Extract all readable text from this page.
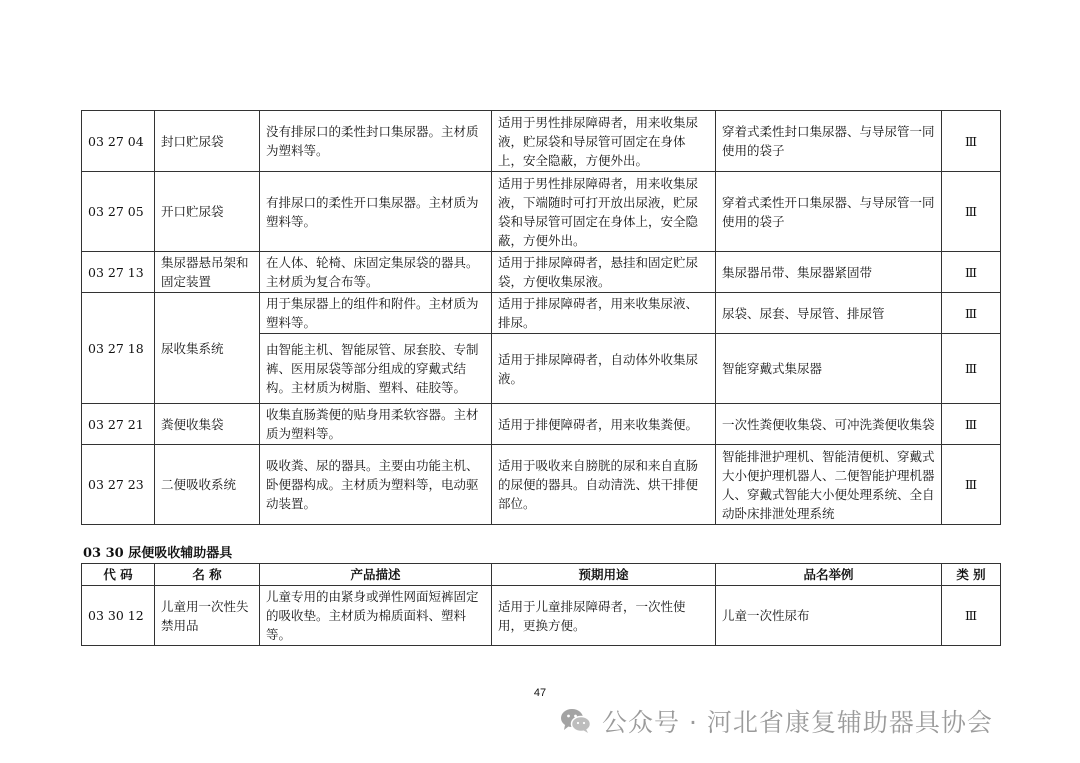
03 27 04	封口贮尿袋	没有排尿口的柔性封口集尿器。主材质为塑料等。	适用于男性排尿障碍者，用来收集尿液，贮尿袋和导尿管可固定在身体上，安全隐蔽，方便外出。	穿着式柔性封口集尿器、与导尿管一同使用的袋子	Ⅲ
03 27 05	开口贮尿袋	有排尿口的柔性开口集尿器。主材质为塑料等。	适用于男性排尿障碍者，用来收集尿液，下端随时可打开放出尿液，贮尿袋和导尿管可固定在身体上，安全隐蔽，方便外出。	穿着式柔性开口集尿器、与导尿管一同使用的袋子	Ⅲ
03 27 13	集尿器悬吊架和固定装置	在人体、轮椅、床固定集尿袋的器具。主材质为复合布等。	适用于排尿障碍者，悬挂和固定贮尿袋，方便收集尿液。	集尿器吊带、集尿器紧固带	Ⅲ
03 27 18	尿收集系统	用于集尿器上的组件和附件。主材质为塑料等。	适用于排尿障碍者，用来收集尿液、排尿。	尿袋、尿套、导尿管、排尿管	Ⅲ
		由智能主机、智能尿管、尿套胶、专制裤、医用尿袋等部分组成的穿戴式结构。主材质为树脂、塑料、硅胶等。	适用于排尿障碍者，自动体外收集尿液。	智能穿戴式集尿器	Ⅲ
03 27 21	粪便收集袋	收集直肠粪便的贴身用柔软容器。主材质为塑料等。	适用于排便障碍者，用来收集粪便。	一次性粪便收集袋、可冲洗粪便收集袋	Ⅲ
03 27 23	二便吸收系统	吸收粪、尿的器具。主要由功能主机、卧便器构成。主材质为塑料等，电动驱动装置。	适用于吸收来自膀胱的尿和来自直肠的尿便的器具。自动清洗、烘干排便部位。	智能排泄护理机、智能清便机、穿戴式大小便护理机器人、二便智能护理机器人、穿戴式智能大小便处理系统、全自动卧床排泄处理系统	Ⅲ
03 30 尿便吸收辅助器具
代 码	名 称	产品描述	预期用途	品名举例	类 别
03 30 12	儿童用一次性失禁用品	儿童专用的由紧身或弹性网面短裤固定的吸收垫。主材质为棉质面料、塑料等。	适用于儿童排尿障碍者，一次性使用，更换方便。	儿童一次性尿布	Ⅲ
47
公众号 · 河北省康复辅助器具协会
